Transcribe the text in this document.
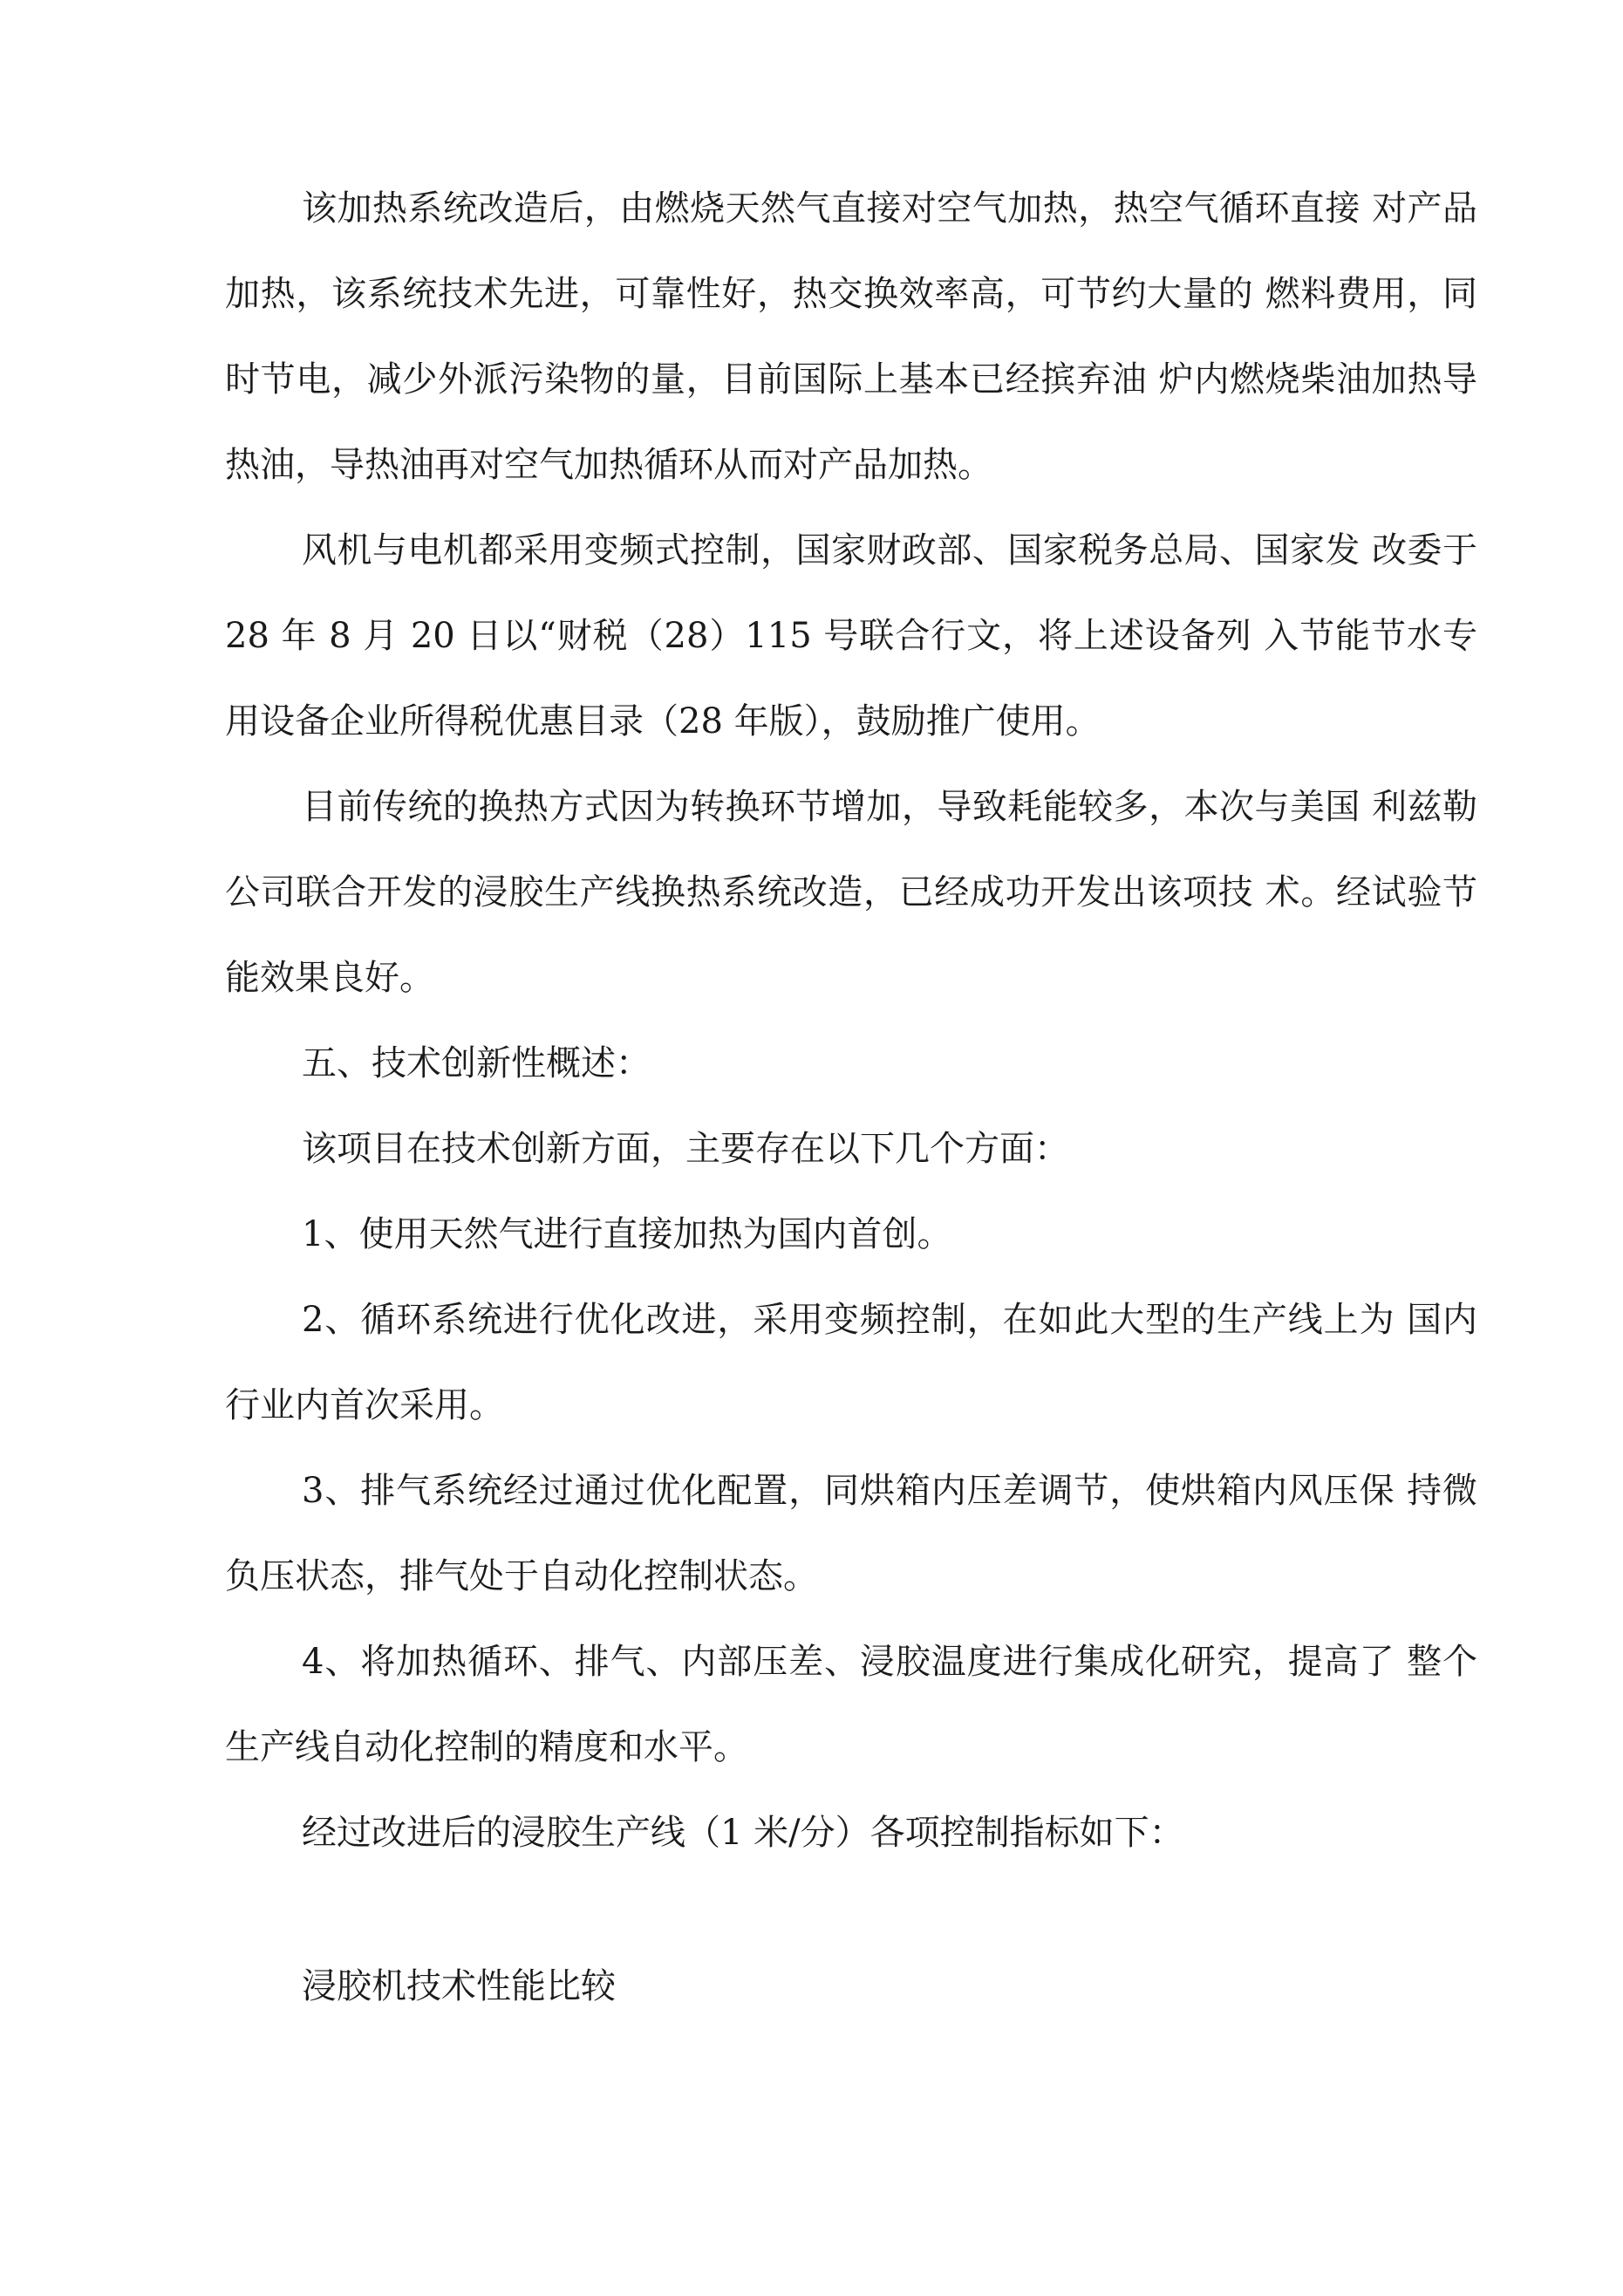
该加热系统改造后，由燃烧天然气直接对空气加热，热空气循环直接 对产品加热，该系统技术先进，可靠性好，热交换效率高，可节约大量的 燃料费用，同时节电，减少外派污染物的量，目前国际上基本已经摈弃油 炉内燃烧柴油加热导热油，导热油再对空气加热循环从而对产品加热。

风机与电机都采用变频式控制，国家财政部、国家税务总局、国家发 改委于 28 年 8 月 20 日以“财税（28）115 号联合行文，将上述设备列 入节能节水专用设备企业所得税优惠目录（28 年版），鼓励推广使用。

目前传统的换热方式因为转换环节增加，导致耗能较多，本次与美国 利兹勒公司联合开发的浸胶生产线换热系统改造，已经成功开发出该项技 术。经试验节能效果良好。

五、技术创新性概述：

该项目在技术创新方面，主要存在以下几个方面：

1、使用天然气进行直接加热为国内首创。

2、循环系统进行优化改进，采用变频控制，在如此大型的生产线上为 国内行业内首次采用。

3、排气系统经过通过优化配置，同烘箱内压差调节，使烘箱内风压保 持微负压状态，排气处于自动化控制状态。

4、将加热循环、排气、内部压差、浸胶温度进行集成化研究，提高了 整个生产线自动化控制的精度和水平。

经过改进后的浸胶生产线（1 米/分）各项控制指标如下：

浸胶机技术性能比较
